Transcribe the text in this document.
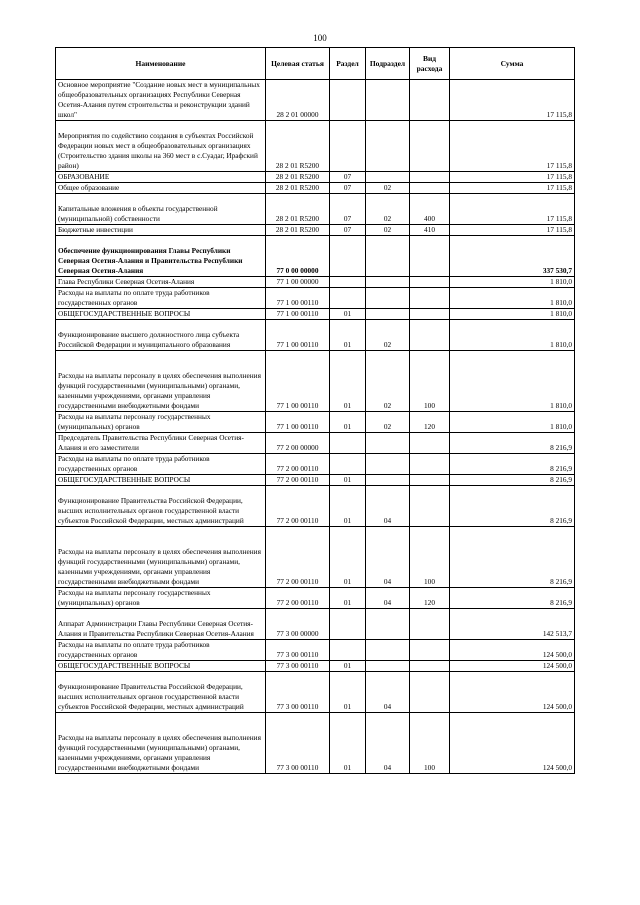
100
Наименование	Целевая статья	Раздел	Подраздел	Вид расхода	Сумма
Основное мероприятие "Создание новых мест в муниципальных общеобразовательных организациях Республики Северная Осетия-Алания путем строительства и реконструкции зданий школ"	28 2 01 00000				17 115,8
Мероприятия по содействию создания в субъектах Российской Федерации новых мест в общеобразовательных организациях (Строительство здания школы на 360 мест в с.Суадаг, Ирафский район)	28 2 01 R5200				17 115,8
ОБРАЗОВАНИЕ	28 2 01 R5200	07			17 115,8
Общее образование	28 2 01 R5200	07	02		17 115,8
Капитальные вложения в объекты государственной (муниципальной) собственности	28 2 01 R5200	07	02	400	17 115,8
Бюджетные инвестиции	28 2 01 R5200	07	02	410	17 115,8
Обеспечение функционирования Главы Республики Северная Осетия-Алания и Правительства Республики Северная Осетия-Алания	77 0 00 00000				337 530,7
Глава Республики Северная Осетия-Алания	77 1 00 00000				1 810,0
Расходы на выплаты по оплате труда работников государственных органов	77 1 00 00110				1 810,0
ОБЩЕГОСУДАРСТВЕННЫЕ ВОПРОСЫ	77 1 00 00110	01			1 810,0
Функционирование высшего должностного лица субъекта Российской Федерации и муниципального образования	77 1 00 00110	01	02		1 810,0
Расходы на выплаты персоналу в целях обеспечения выполнения функций государственными (муниципальными) органами, казенными учреждениями, органами управления государственными внебюджетными фондами	77 1 00 00110	01	02	100	1 810,0
Расходы на выплаты персоналу государственных (муниципальных) органов	77 1 00 00110	01	02	120	1 810,0
Председатель Правительства Республики Северная Осетия-Алания и его заместители	77 2 00 00000				8 216,9
Расходы на выплаты по оплате труда работников государственных органов	77 2 00 00110				8 216,9
ОБЩЕГОСУДАРСТВЕННЫЕ ВОПРОСЫ	77 2 00 00110	01			8 216,9
Функционирование Правительства Российской Федерации, высших исполнительных органов государственной власти субъектов Российской Федерации, местных администраций	77 2 00 00110	01	04		8 216,9
Расходы на выплаты персоналу в целях обеспечения выполнения функций государственными (муниципальными) органами, казенными учреждениями, органами управления государственными внебюджетными фондами	77 2 00 00110	01	04	100	8 216,9
Расходы на выплаты персоналу государственных (муниципальных) органов	77 2 00 00110	01	04	120	8 216,9
Аппарат Администрации Главы Республики Северная Осетия-Алания и Правительства Республики Северная Осетия-Алания	77 3 00 00000				142 513,7
Расходы на выплаты по оплате труда работников государственных органов	77 3 00 00110				124 500,0
ОБЩЕГОСУДАРСТВЕННЫЕ ВОПРОСЫ	77 3 00 00110	01			124 500,0
Функционирование Правительства Российской Федерации, высших исполнительных органов государственной власти субъектов Российской Федерации, местных администраций	77 3 00 00110	01	04		124 500,0
Расходы на выплаты персоналу в целях обеспечения выполнения функций государственными (муниципальными) органами, казенными учреждениями, органами управления государственными внебюджетными фондами	77 3 00 00110	01	04	100	124 500,0
